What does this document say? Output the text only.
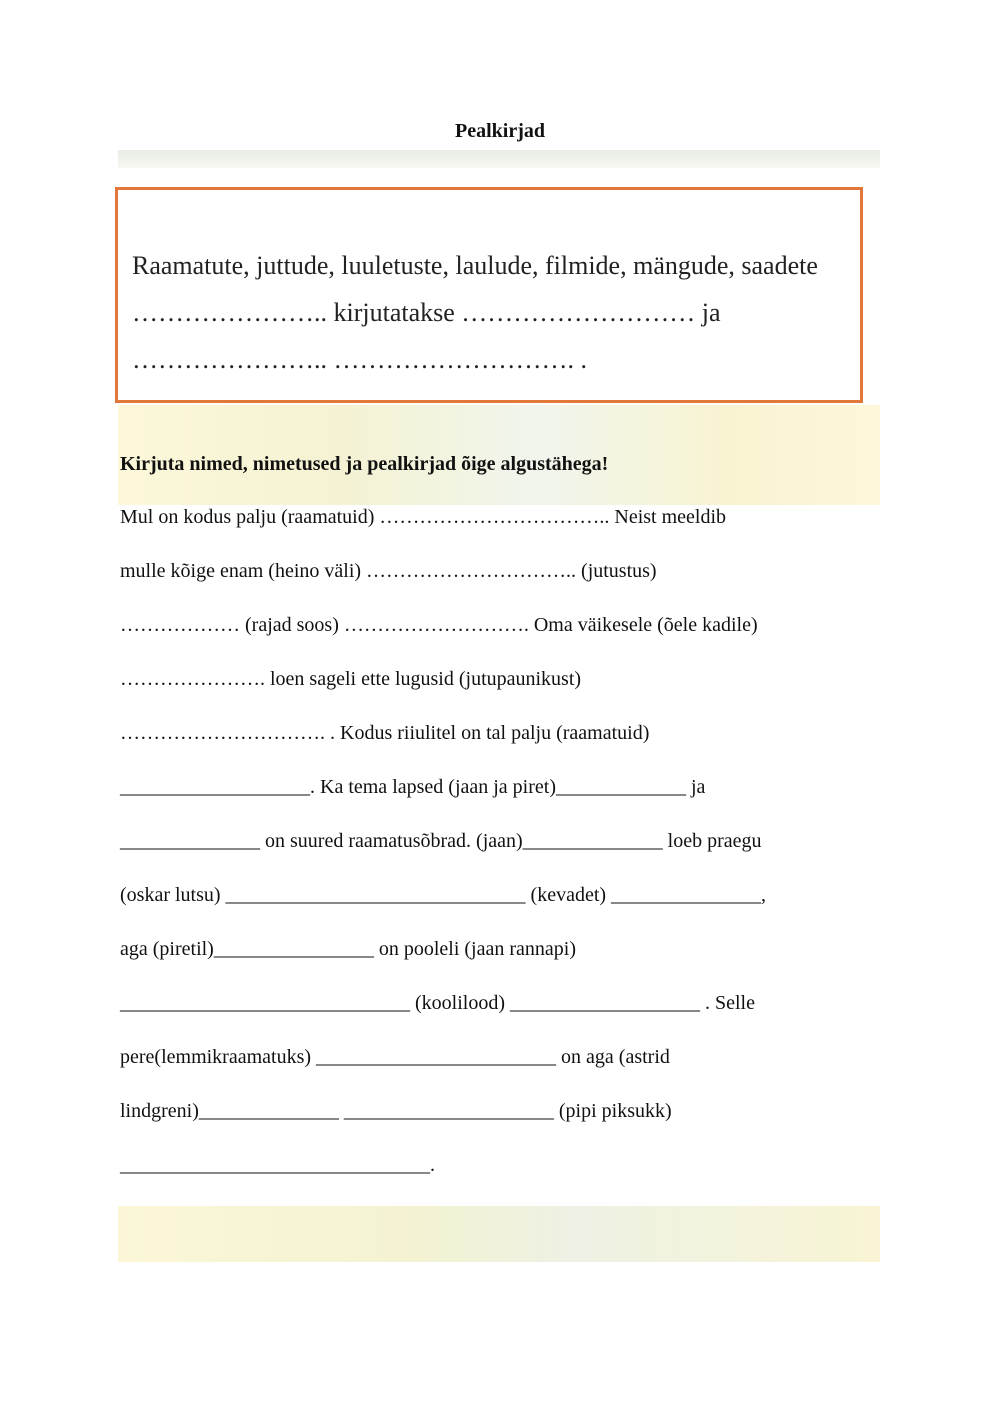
Pealkirjad

Raamatute, juttude, luuletuste, laulude, filmide, mängude, saadete ………………….. kirjutatakse ……………………… ja ………………….. ………………………. .

Kirjuta nimed, nimetused ja pealkirjad õige algustähega!

Mul on kodus palju (raamatuid) …………………………….. Neist meeldib

mulle kõige enam (heino väli) ………………………….. (jutustus)

……………… (rajad soos) ………………………. Oma väikesele (õele kadile)

…………………. loen sageli ette lugusid (jutupaunikust)

…………………………. . Kodus riiulitel on tal palju (raamatuid)

___________________. Ka tema lapsed (jaan ja piret)_____________ ja

______________ on suured raamatusõbrad. (jaan)______________ loeb praegu

(oskar lutsu) ______________________________ (kevadet) _______________,

aga (piretil)________________ on pooleli (jaan rannapi)

_____________________________ (koolilood) ___________________ . Selle

pere(lemmikraamatuks) ________________________ on aga (astrid

lindgreni)______________ _____________________ (pipi piksukk)

_______________________________.
